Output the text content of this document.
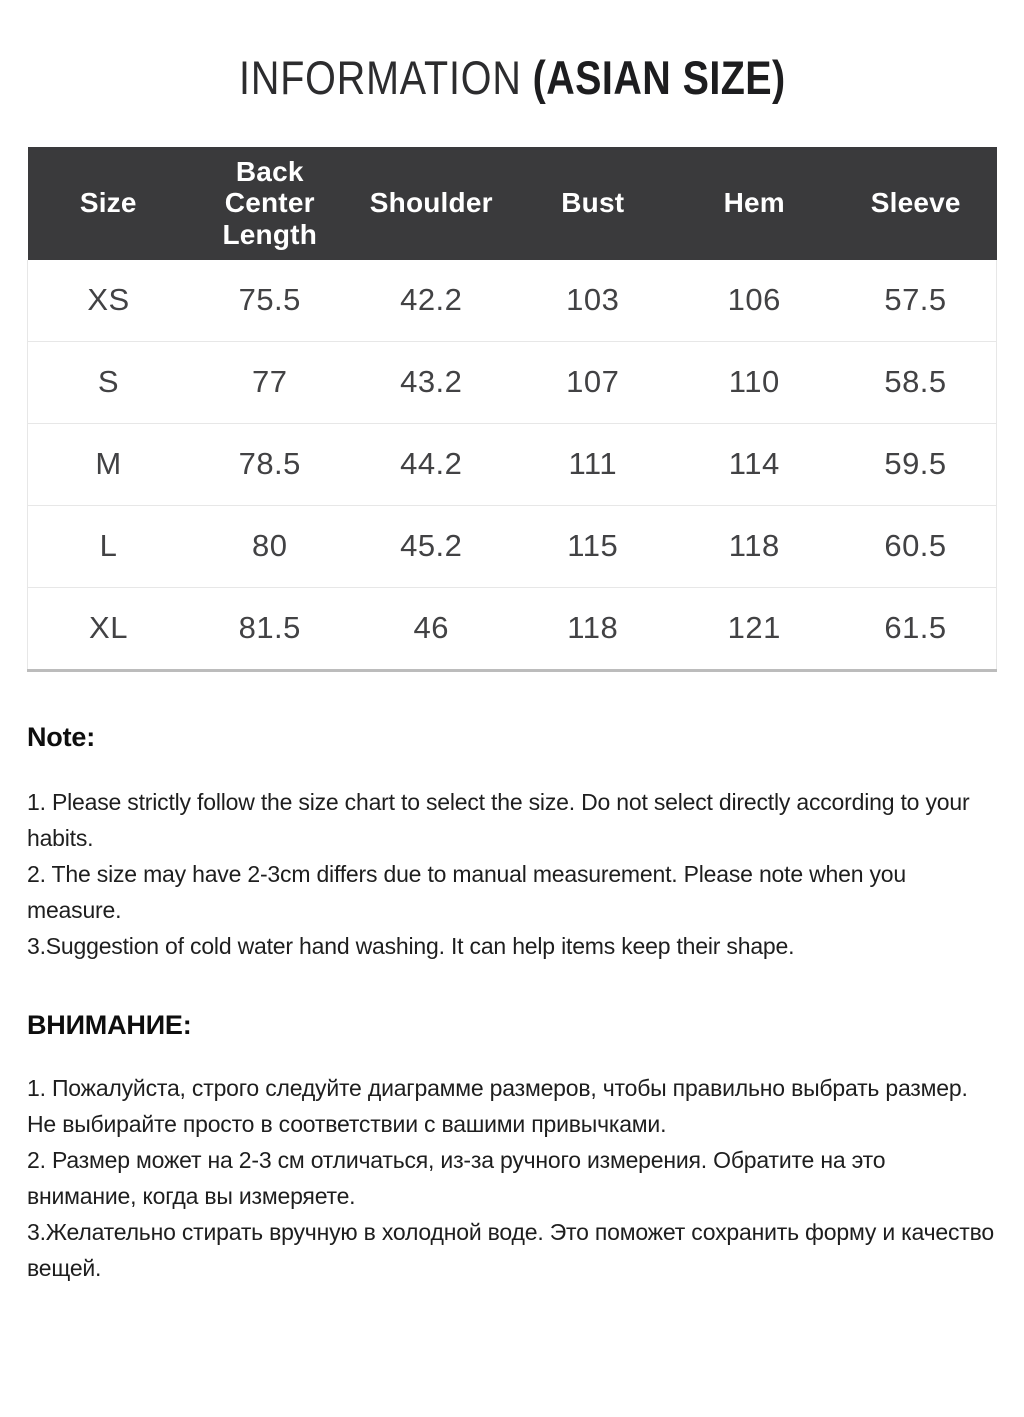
INFORMATION (ASIAN SIZE)
Size	Back Center Length	Shoulder	Bust	Hem	Sleeve
XS	75.5	42.2	103	106	57.5
S	77	43.2	107	110	58.5
M	78.5	44.2	111	114	59.5
L	80	45.2	115	118	60.5
XL	81.5	46	118	121	61.5
Note:

1. Please strictly follow the size chart to select the size. Do not select directly according to your habits.

2. The size may have 2-3cm differs due to manual measurement. Please note when you measure.

3.Suggestion of cold water hand washing. It can help items keep their shape.

ВНИМАНИЕ:

1. Пожалуйста, строго следуйте диаграмме размеров, чтобы правильно выбрать размер. Не выбирайте просто в соответствии с вашими привычками.

2. Размер может на 2-3 см отличаться, из-за ручного измерения. Обратите на это внимание, когда вы измеряете.

3.Желательно стирать вручную в холодной воде. Это поможет сохранить форму и качество вещей.
